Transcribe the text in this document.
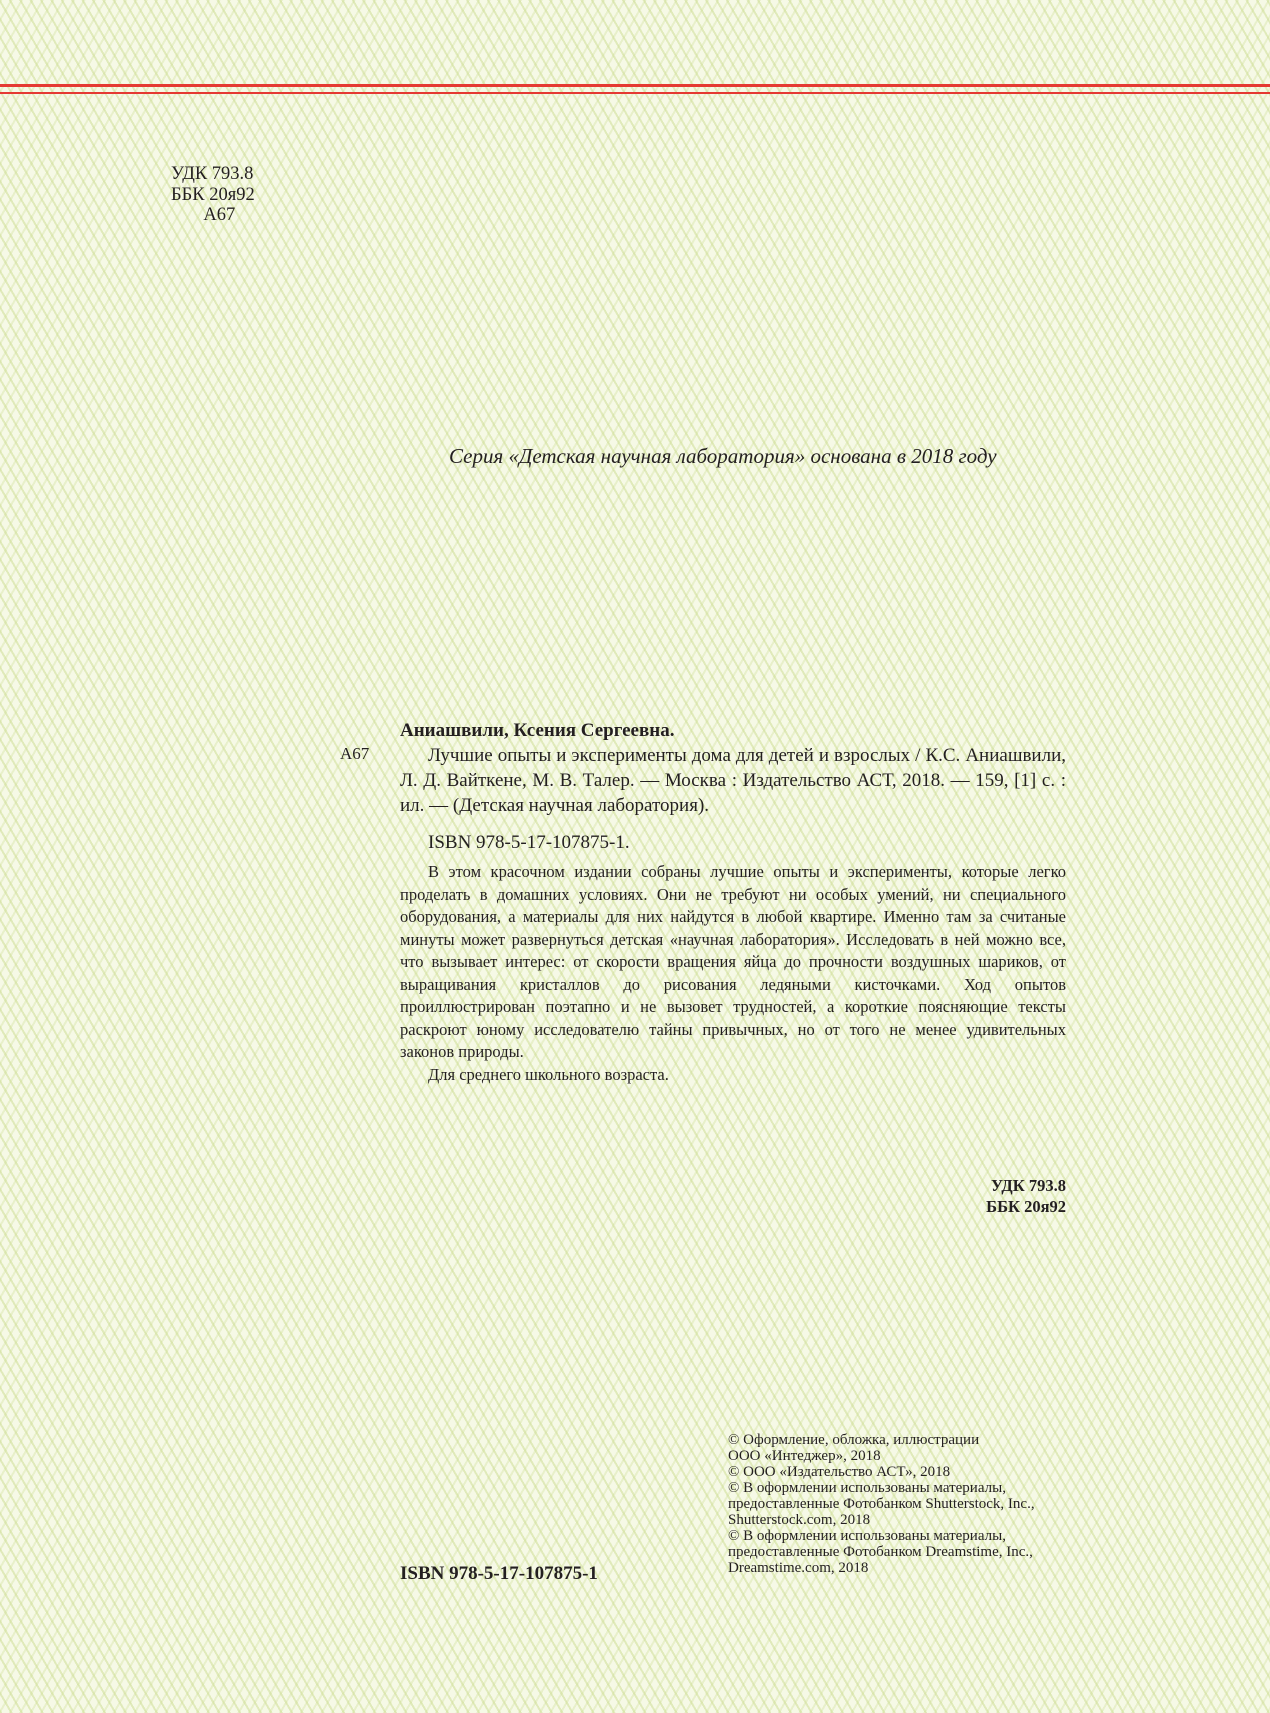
УДК 793.8
ББК 20я92
А67
Серия «Детская научная лаборатория» основана в 2018 году
А67
Аниашвили, Ксения Сергеевна.
Лучшие опыты и эксперименты дома для детей и взрослых / К.С. Аниашвили, Л. Д. Вайткене, М. В. Талер. — Москва : Издательство АСТ, 2018. — 159, [1] с. : ил. — (Детская научная лаборатория).
ISBN 978-5-17-107875-1.

В этом красочном издании собраны лучшие опыты и эксперименты, которые легко проделать в домашних условиях. Они не требуют ни особых умений, ни специального оборудования, а материалы для них найдутся в любой квартире. Именно там за считаные минуты может развернуться детская «научная лаборатория». Исследовать в ней можно все, что вызывает интерес: от скорости вращения яйца до прочности воздушных шариков, от выращивания кристаллов до рисования ледяными кисточками. Ход опытов проиллюстрирован поэтапно и не вызовет трудностей, а короткие поясняющие тексты раскроют юному исследователю тайны привычных, но от того не менее удивительных законов природы.

Для среднего школьного возраста.

УДК 793.8
ББК 20я92
© Оформление, обложка, иллюстрации
ООО «Интеджер», 2018
© ООО «Издательство АСТ», 2018
© В оформлении использованы материалы,
предоставленные Фотобанком Shutterstock, Inc.,
Shutterstock.com, 2018
© В оформлении использованы материалы,
предоставленные Фотобанком Dreamstime, Inc.,
Dreamstime.com, 2018
ISBN 978-5-17-107875-1
